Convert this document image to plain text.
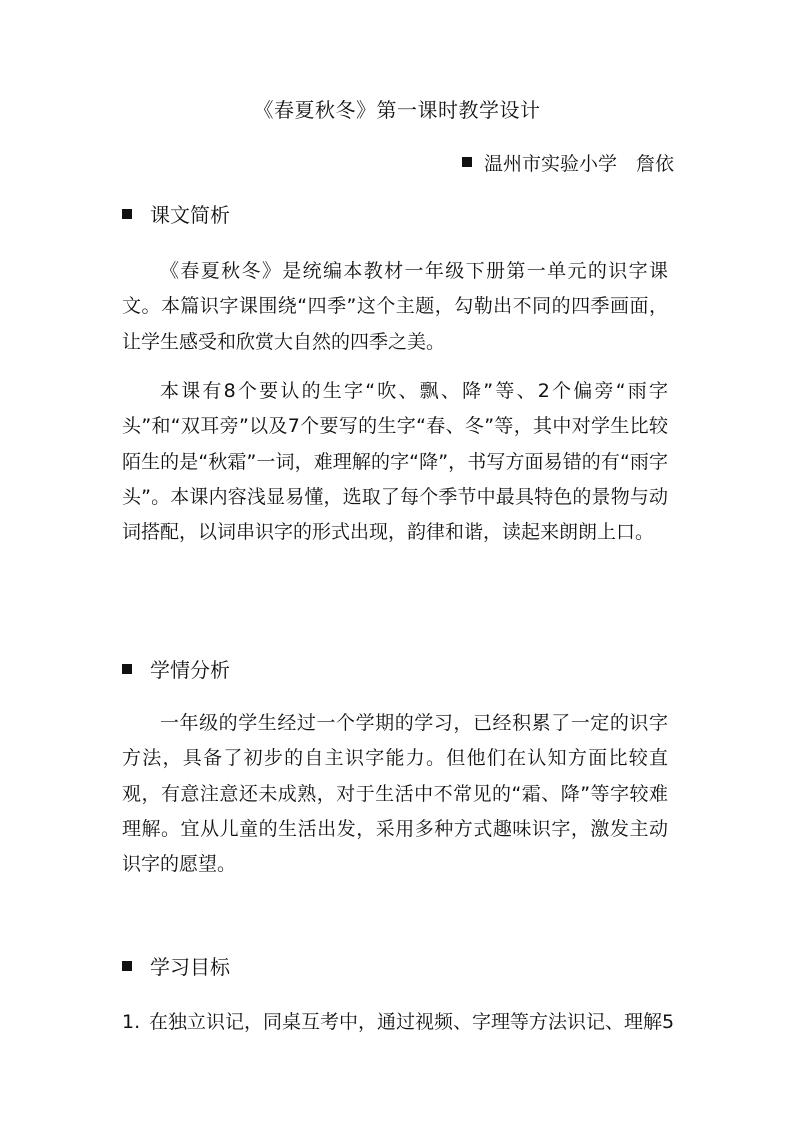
《春夏秋冬》第一课时教学设计
温州市实验小学　詹依
课文简析

《春夏秋冬》是统编本教材一年级下册第一单元的识字课文。本篇识字课围绕“四季”这个主题，勾勒出不同的四季画面，让学生感受和欣赏大自然的四季之美。

本课有8个要认的生字“吹、飘、降”等、2个偏旁“雨字头”和“双耳旁”以及7个要写的生字“春、冬”等，其中对学生比较陌生的是“秋霜”一词，难理解的字“降”，书写方面易错的有“雨字头”。本课内容浅显易懂，选取了每个季节中最具特色的景物与动词搭配，以词串识字的形式出现，韵律和谐，读起来朗朗上口。

学情分析

一年级的学生经过一个学期的学习，已经积累了一定的识字方法，具备了初步的自主识字能力。但他们在认知方面比较直观，有意注意还未成熟，对于生活中不常见的“霜、降”等字较难理解。宜从儿童的生活出发，采用多种方式趣味识字，激发主动识字的愿望。

学习目标
1. 在独立识记，同桌互考中，通过视频、字理等方法识记、理解5
